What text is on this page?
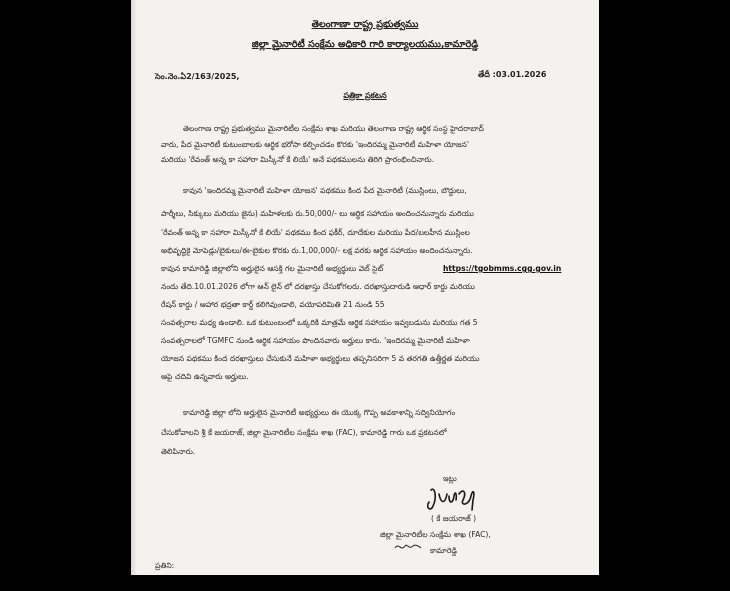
తెలంగాణా రాష్ట్ర ప్రభుత్వము
జిల్లా మైనారిటీ సంక్షేమ అధికారి గారి కార్యాలయము,కామారెడ్డి
సెం.నెం.ఏ2/163/2025,	తేదీ :03.01.2026
పత్రికా ప్రకటన
తెలంగాణ రాష్ట్ర ప్రభుత్వము మైనారిటీల సంక్షేమ శాఖ మరియు తెలంగాణ రాష్ట్ర ఆర్థిక సంస్థ హైదరాబాద్
వారు, పేద మైనారిటీ కుటుంబాలకు ఆర్థిక భరోసా కల్పించడం కొరకు 'ఇందిరమ్మ మైనారిటీ మహిళా యోజన'
మరియు 'రేవంత్ అన్న కా సహారా మిస్కీనో కే లియే' అనే పథకములను తిరిగి ప్రారంభించినారు.
కావున 'ఇందిరమ్మ మైనారిటీ మహిళా యోజన' పథకము కింద పేద మైనారిటీ (ముస్లింలు, బౌద్ధులు,
పార్శీలు, సిక్కులు మరియు జైను) మహిళలకు రు.50,000/- లు ఆర్థిక సహాయం అందించనున్నారు మరియు
'రేవంత్ అన్న కా సహారా మిస్కీనో కే లియే' పథకము కింద ఫకీర్, దూదేకుల మరియు పేద/బలహీన ముస్లింల
అభివృద్ధికై మోపెడ్లు/బైకులు/ఈ-బైకుల కొరకు రు.1,00,000/- లక్ష వరకు ఆర్థిక సహాయం అందించనున్నారు.
కావున కామారెడ్డి జిల్లాలోని అర్హులైన ఆసక్తి గల మైనారిటీ అభ్యర్థులు వెబ్ సైట్	https://tgobmms.cgg.gov.in
నందు తేది.10.01.2026 లోగా ఆన్ లైన్ లో దరఖాస్తు చేసుకోగలరు. దరఖాస్తుదారుడి ఆధార్ కార్డు మరియు
రేషన్ కార్డు / ఆహార భద్రతా కార్డ్ కలిగివుండాలి, వయోపరిమితి 21 నుండి 55
సంవత్సరాల మధ్య ఉండాలి. ఒక కుటుంబంలో ఒక్కరికి మాత్రమే ఆర్థిక సహాయం ఇవ్వబడును మరియు గత 5
సంవత్సరాలలో TGMFC నుండి ఆర్థిక సహాయం పొందినవారు అర్హులు కారు. 'ఇందిరమ్మ మైనారిటీ మహిళా
యోజన పథకము కింద దరఖాస్తులు చేసుకునే మహిళా అభ్యర్థులు తప్పనిసరిగా 5 వ తరగతి ఉత్తీర్ణత మరియు
ఆపై చదివి ఉన్నవారు అర్హులు.
కామారెడ్డి జిల్లా లోని అర్హులైన మైనారిటీ అభ్యర్థులు ఈ యొక్క గొప్ప అవకాశాన్ని సద్వినియోగం
చేసుకోవాలని శ్రీ కే జయరాజ్, జిల్లా మైనారిటీల సంక్షేమ శాఖ (FAC), కామారెడ్డి గారు ఒక ప్రకటనలో
తెలిపినారు.
ఇట్లు
( కే జయరాజ్ )
జిల్లా మైనారిటీల సంక్షేమ శాఖ (FAC),
కామారెడ్డి
ప్రతిని:
